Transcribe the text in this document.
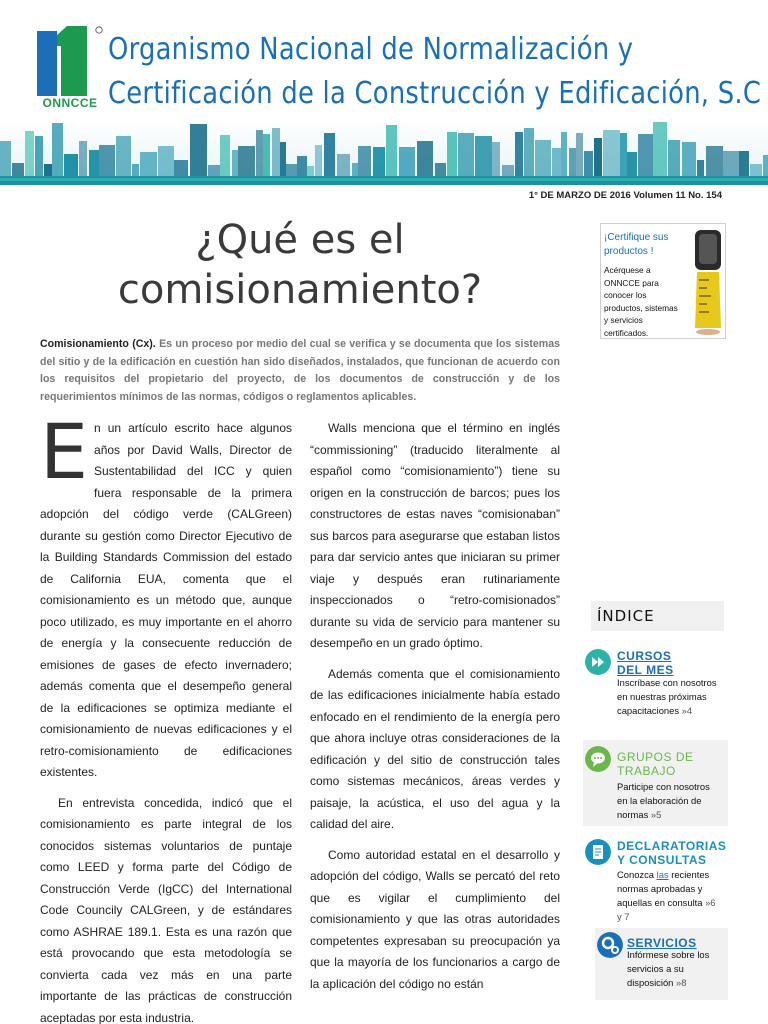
ONNCCE
Organismo Nacional de Normalización y
Certificación de la Construcción y Edificación, S.C
1° DE MARZO DE 2016 Volumen 11 No. 154
¿Qué es el
comisionamiento?
Comisionamiento (Cx). Es un proceso por medio del cual se verifica y se documenta que los sistemas del sitio y de la edificación en cuestión han sido diseñados, instalados, que funcionan de acuerdo con los requisitos del propietario del proyecto, de los documentos de construcción y de los requerimientos mínimos de las normas, códigos o reglamentos aplicables.

En un artículo escrito hace algunos años por David Walls, Director de Sustentabilidad del ICC y quien fuera responsable de la primera adopción del código verde (CALGreen) durante su gestión como Director Ejecutivo de la Building Standards Commission del estado de California EUA, comenta que el comisionamiento es un método que, aunque poco utilizado, es muy importante en el ahorro de energía y la consecuente reducción de emisiones de gases de efecto invernadero; además comenta que el desempeño general de la edificaciones se optimiza mediante el comisionamiento de nuevas edificaciones y el retro-comisionamiento de edificaciones existentes.

En entrevista concedida, indicó que el comisionamiento es parte integral de los conocidos sistemas voluntarios de puntaje como LEED y forma parte del Código de Construcción Verde (IgCC) del International Code Councily CALGreen, y de estándares como ASHRAE 189.1. Esta es una razón que está provocando que esta metodología se convierta cada vez más en una parte importante de las prácticas de construcción aceptadas por esta industria.

Walls menciona que el término en inglés “commissioning” (traducido literalmente al español como “comisionamiento”) tiene su origen en la construcción de barcos; pues los constructores de estas naves “comisionaban” sus barcos para asegurarse que estaban listos para dar servicio antes que iniciaran su primer viaje y después eran rutinariamente inspeccionados o “retro-comisionados” durante su vida de servicio para mantener su desempeño en un grado óptimo.

Además comenta que el comisionamiento de las edificaciones inicialmente había estado enfocado en el rendimiento de la energía pero que ahora incluye otras consideraciones de la edificación y del sitio de construcción tales como sistemas mecánicos, áreas verdes y paisaje, la acústica, el uso del agua y la calidad del aire.

Como autoridad estatal en el desarrollo y adopción del código, Walls se percató del reto que es vigilar el cumplimiento del comisionamiento y que las otras autoridades competentes expresaban su preocupación ya que la mayoría de los funcionarios a cargo de la aplicación del código no están

¡Certifique sus productos !
Acérquese a ONNCCE para conocer los productos, sistemas y servicios certificados.
ÍNDICE
CURSOS
DEL MES
Inscríbase con nosotros en nuestras próximas capacitaciones »4
GRUPOS DE
TRABAJO
Participe con nosotros en la elaboración de normas »5
DECLARATORIAS
Y CONSULTAS
Conozca las recientes normas aprobadas y aquellas en consulta »6 y 7
SERVICIOS
Infórmese sobre los servicios a su disposición »8
